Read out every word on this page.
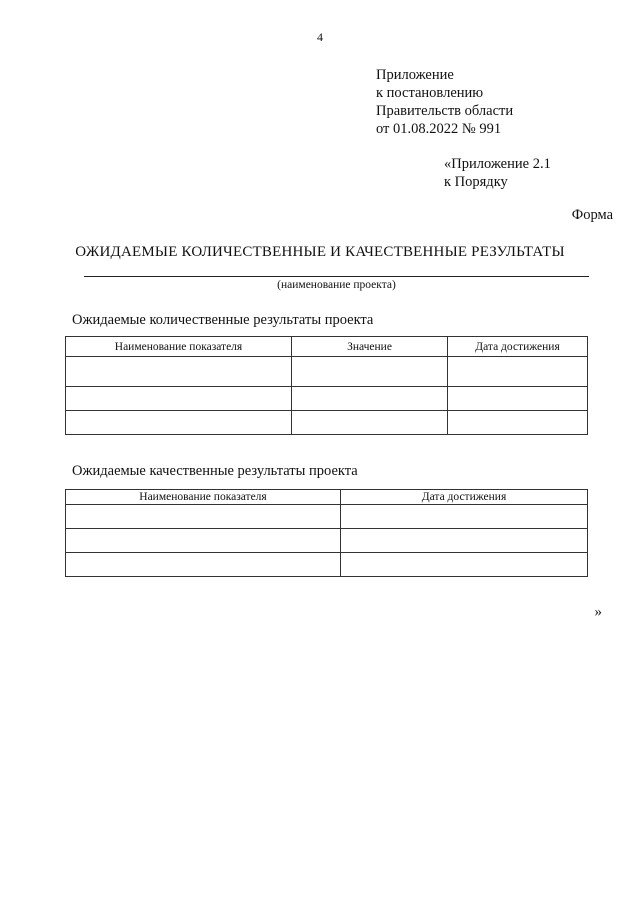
4
Приложение
к постановлению
Правительств области
от 01.08.2022 № 991
«Приложение 2.1
к Порядку
Форма
ОЖИДАЕМЫЕ КОЛИЧЕСТВЕННЫЕ И КАЧЕСТВЕННЫЕ РЕЗУЛЬТАТЫ
(наименование проекта)
Ожидаемые количественные результаты проекта
Наименование показателя	Значение	Дата достижения

Ожидаемые качественные результаты проекта
Наименование показателя	Дата достижения

»
